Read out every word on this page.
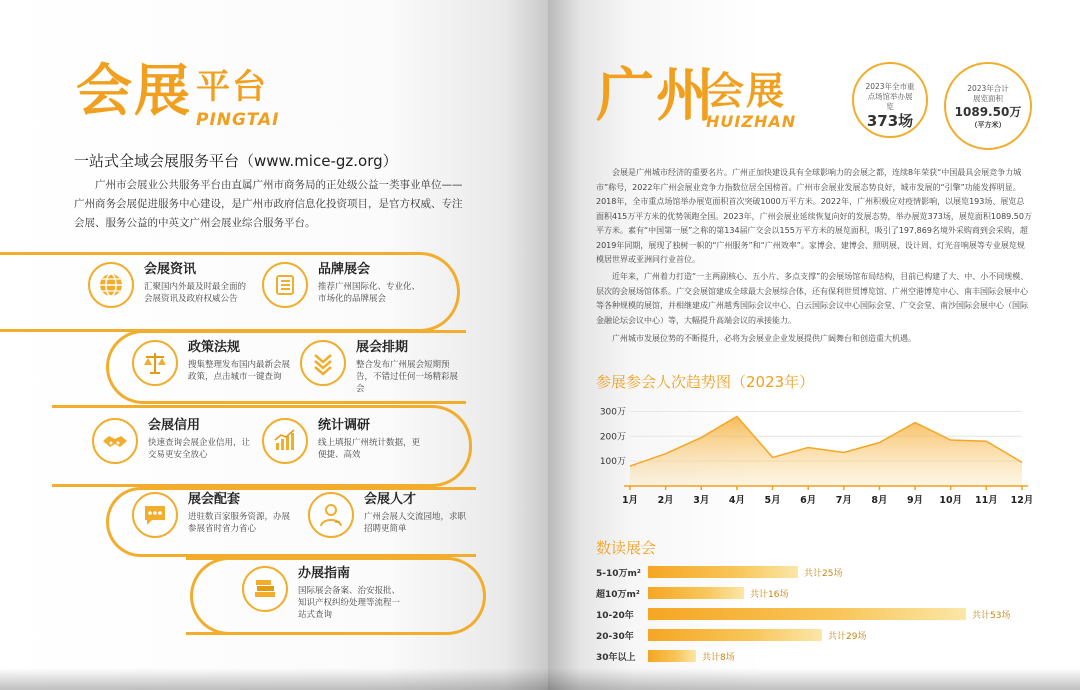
会展 平台
PINGTAI
一站式全域会展服务平台（www.mice-gz.org）
广州市会展业公共服务平台由直属广州市商务局的正处级公益一类事业单位——广州商务会展促进服务中心建设，是广州市政府信息化投资项目，是官方权威、专注会展、服务公益的中英文广州会展业综合服务平台。
会展资讯
汇聚国内外最及时最全面的会展资讯及政府权威公告
品牌展会
推荐广州国际化、专业化、市场化的品牌展会
政策法规
搜集整理发布国内最新会展政策，点击城市一键查询
展会排期
整合发布广州展会短期预告，不错过任何一场精彩展会
会展信用
快速查询会展企业信用，让交易更安全放心
统计调研
线上填报广州统计数据，更便捷、高效
展会配套
进驻数百家服务资源，办展参展省时省力省心
会展人才
广州会展人交流园地，求职招聘更简单
办展指南
国际展会备案、治安报批、知识产权纠纷处理等流程一站式查询
广州
会展
HUIZHAN
2023年全市重点场馆举办展览
373场
2023年合计展览面积
1089.50万
（平方米）
会展是广州城市经济的重要名片。广州正加快建设具有全球影响力的会展之都，连续8年荣获“中国最具会展竞争力城市”称号，2022年广州会展业竞争力指数位居全国榜首。广州市会展业发展态势良好，城市发展的“引擎”功能发挥明显。2018年，全市重点场馆举办展览面积首次突破1000万平方米。2022年，广州积极应对疫情影响，以展览193场、展览总面积415万平方米的优势领跑全国。2023年，广州会展业延续恢复向好的发展态势，举办展览373场，展览面积1089.50万平方米。素有“中国第一展”之称的第134届广交会以155万平方米的展览面积，吸引了197,869名境外采购商到会采购，超2019年同期，展现了独树一帜的“广州服务”和“广州效率”。家博会、建博会、照明展、设计周、灯光音响展等专业展览规模居世界或亚洲同行业首位。
近年来，广州着力打造“一主两副核心、五小片、多点支撑”的会展场馆布局结构，目前已构建了大、中、小不同规模、层次的会展场馆体系。广交会展馆建成全球最大会展综合体，还有保利世贸博览馆、广州空港博览中心、南丰国际会展中心等各种规模的展馆，并相继建成广州越秀国际会议中心、白云国际会议中心国际会堂、广交会堂、南沙国际会展中心（国际金融论坛会议中心）等，大幅提升高端会议的承接能力。
广州城市发展位势的不断提升，必将为会展业企业发展提供广阔舞台和创造重大机遇。
参展参会人次趋势图（2023年）
100万
200万
300万
1月 2月 3月 4月 5月 6月 7月 8月 9月 10月 11月 12月
数读展会
5-10万m²	共计25场
超10万m²	共计16场
10-20年	共计53场
20-30年	共计29场
30年以上	共计8场
